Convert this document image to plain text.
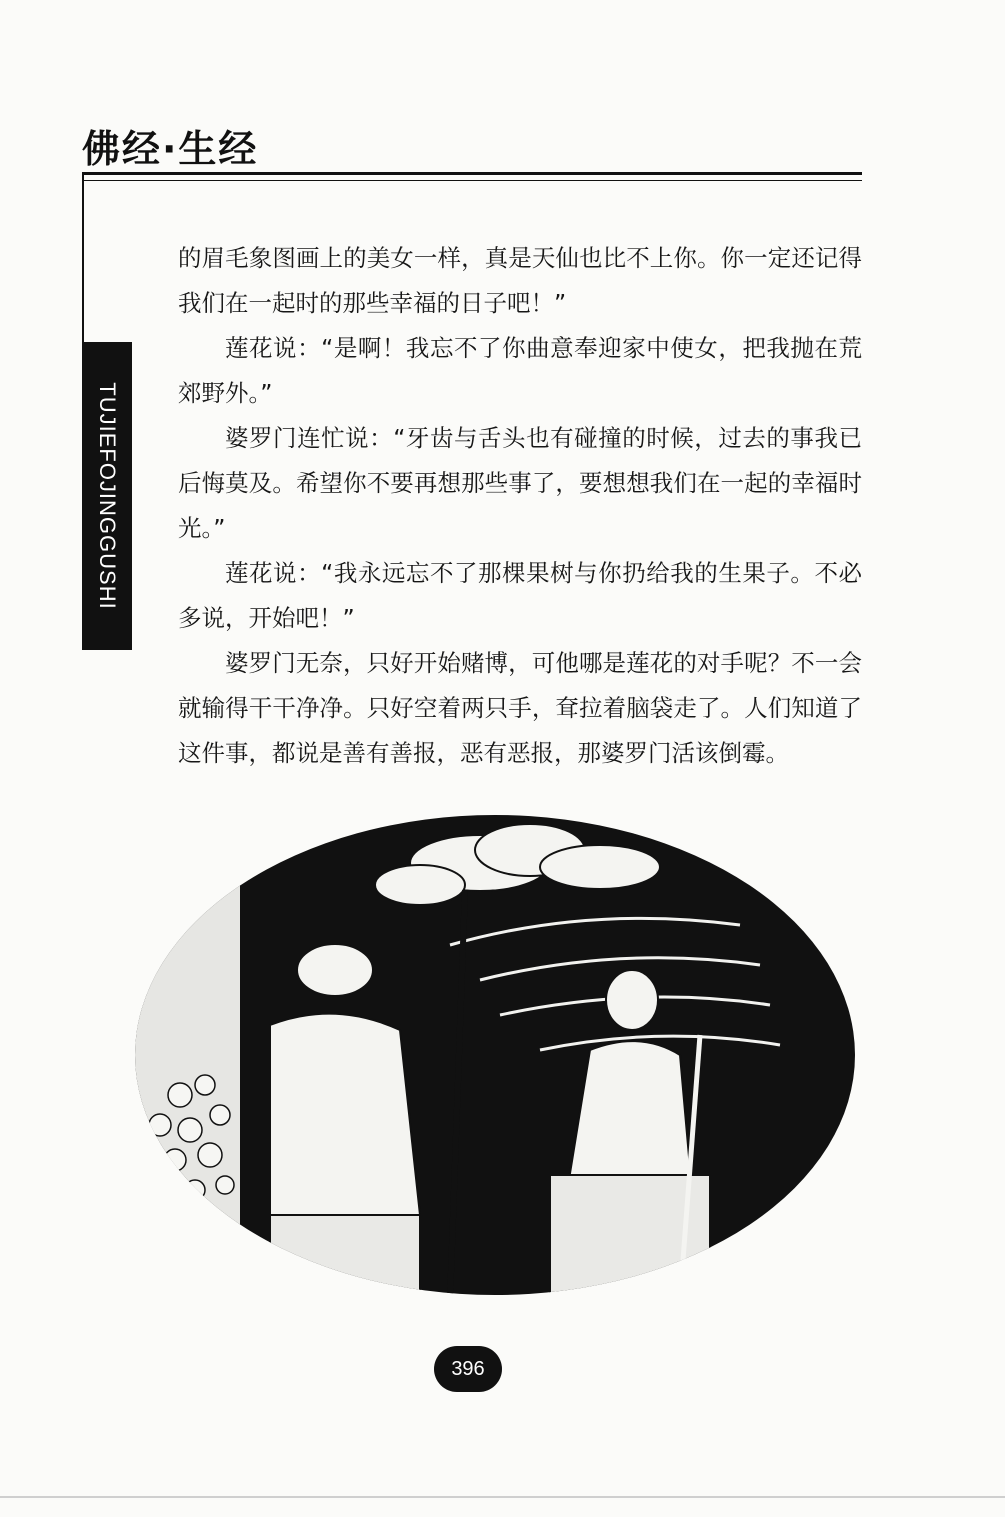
佛经·生经
TUJIEFOJINGGUSHI

的眉毛象图画上的美女一样，真是天仙也比不上你。你一定还记得我们在一起时的那些幸福的日子吧！”

莲花说：“是啊！我忘不了你曲意奉迎家中使女，把我抛在荒郊野外。”

婆罗门连忙说：“牙齿与舌头也有碰撞的时候，过去的事我已后悔莫及。希望你不要再想那些事了，要想想我们在一起的幸福时光。”

莲花说：“我永远忘不了那棵果树与你扔给我的生果子。不必多说，开始吧！”

婆罗门无奈，只好开始赌博，可他哪是莲花的对手呢？不一会就输得干干净净。只好空着两只手，耷拉着脑袋走了。人们知道了这件事，都说是善有善报，恶有恶报，那婆罗门活该倒霉。

396
